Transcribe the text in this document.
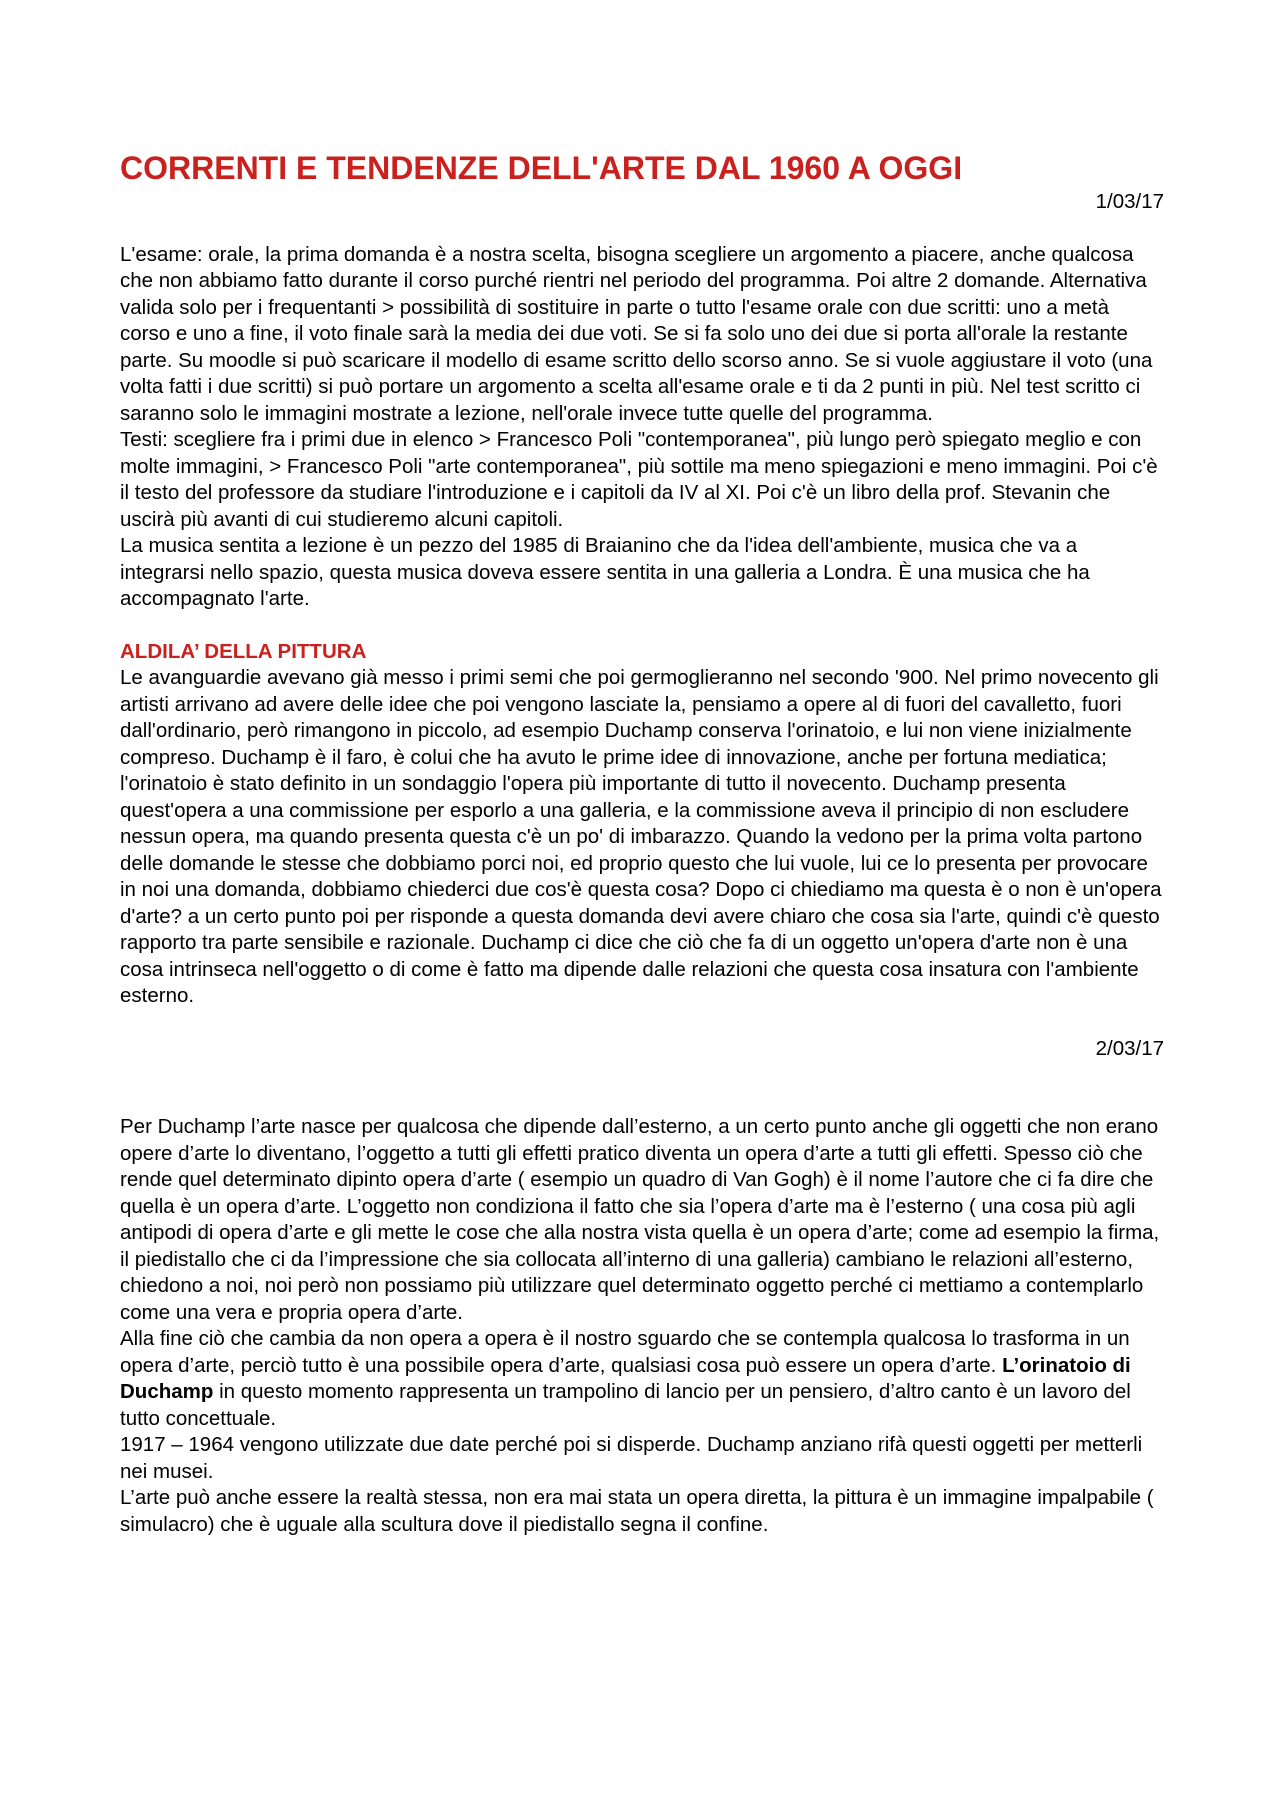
CORRENTI E TENDENZE DELL'ARTE DAL 1960 A OGGI

1/03/17

L'esame: orale, la prima domanda è a nostra scelta, bisogna scegliere un argomento a piacere, anche qualcosa che non abbiamo fatto durante il corso purché rientri nel periodo del programma. Poi altre 2 domande. Alternativa valida solo per i frequentanti > possibilità di sostituire in parte o tutto l'esame orale con due scritti: uno a metà corso e uno a fine, il voto finale sarà la media dei due voti. Se si fa solo uno dei due si porta all'orale la restante parte. Su moodle si può scaricare il modello di esame scritto dello scorso anno. Se si vuole aggiustare il voto (una volta fatti i due scritti) si può portare un argomento a scelta all'esame orale e ti da 2 punti in più. Nel test scritto ci saranno solo le immagini mostrate a lezione, nell'orale invece tutte quelle del programma.

Testi: scegliere fra i primi due in elenco > Francesco Poli "contemporanea", più lungo però spiegato meglio e con molte immagini, > Francesco Poli "arte contemporanea", più sottile ma meno spiegazioni e meno immagini. Poi c'è il testo del professore da studiare l'introduzione e i capitoli da IV al XI. Poi c'è un libro della prof. Stevanin che uscirà più avanti di cui studieremo alcuni capitoli.

La musica sentita a lezione è un pezzo del 1985 di Braianino che da l'idea dell'ambiente, musica che va a integrarsi nello spazio, questa musica doveva essere sentita in una galleria a Londra. È una musica che ha accompagnato l'arte.

ALDILA’ DELLA PITTURA

Le avanguardie avevano già messo i primi semi che poi germoglieranno nel secondo '900. Nel primo novecento gli artisti arrivano ad avere delle idee che poi vengono lasciate la, pensiamo a opere al di fuori del cavalletto, fuori dall'ordinario, però rimangono in piccolo, ad esempio Duchamp conserva l'orinatoio, e lui non viene inizialmente compreso. Duchamp è il faro, è colui che ha avuto le prime idee di innovazione, anche per fortuna mediatica; l'orinatoio è stato definito in un sondaggio l'opera più importante di tutto il novecento. Duchamp presenta quest'opera a una commissione per esporlo a una galleria, e la commissione aveva il principio di non escludere nessun opera, ma quando presenta questa c'è un po' di imbarazzo. Quando la vedono per la prima volta partono delle domande le stesse che dobbiamo porci noi, ed proprio questo che lui vuole, lui ce lo presenta per provocare in noi una domanda, dobbiamo chiederci due cos'è questa cosa? Dopo ci chiediamo ma questa è o non è un'opera d'arte? a un certo punto poi per risponde a questa domanda devi avere chiaro che cosa sia l'arte, quindi c'è questo rapporto tra parte sensibile e razionale. Duchamp ci dice che ciò che fa di un oggetto un'opera d'arte non è una cosa intrinseca nell'oggetto o di come è fatto ma dipende dalle relazioni che questa cosa insatura con l'ambiente esterno.

2/03/17

Per Duchamp l’arte nasce per qualcosa che dipende dall’esterno, a un certo punto anche gli oggetti che non erano opere d’arte lo diventano, l’oggetto a tutti gli effetti pratico diventa un opera d’arte a tutti gli effetti. Spesso ciò che rende quel determinato dipinto opera d’arte ( esempio un quadro di Van Gogh) è il nome l’autore che ci fa dire che quella è un opera d’arte. L’oggetto non condiziona il fatto che sia l’opera d’arte ma è l’esterno ( una cosa più agli antipodi di opera d’arte e gli mette le cose che alla nostra vista quella è un opera d’arte; come ad esempio la firma, il piedistallo che ci da l’impressione che sia collocata all’interno di una galleria) cambiano le relazioni all’esterno, chiedono a noi, noi però non possiamo più utilizzare quel determinato oggetto perché ci mettiamo a contemplarlo come una vera e propria opera d’arte.

Alla fine ciò che cambia da non opera a opera è il nostro sguardo che se contempla qualcosa lo trasforma in un opera d’arte, perciò tutto è una possibile opera d’arte, qualsiasi cosa può essere un opera d’arte. L’orinatoio di Duchamp in questo momento rappresenta un trampolino di lancio per un pensiero, d’altro canto è un lavoro del tutto concettuale.

1917 – 1964 vengono utilizzate due date perché poi si disperde. Duchamp anziano rifà questi oggetti per metterli nei musei.

L’arte può anche essere la realtà stessa, non era mai stata un opera diretta, la pittura è un immagine impalpabile ( simulacro) che è uguale alla scultura dove il piedistallo segna il confine.
